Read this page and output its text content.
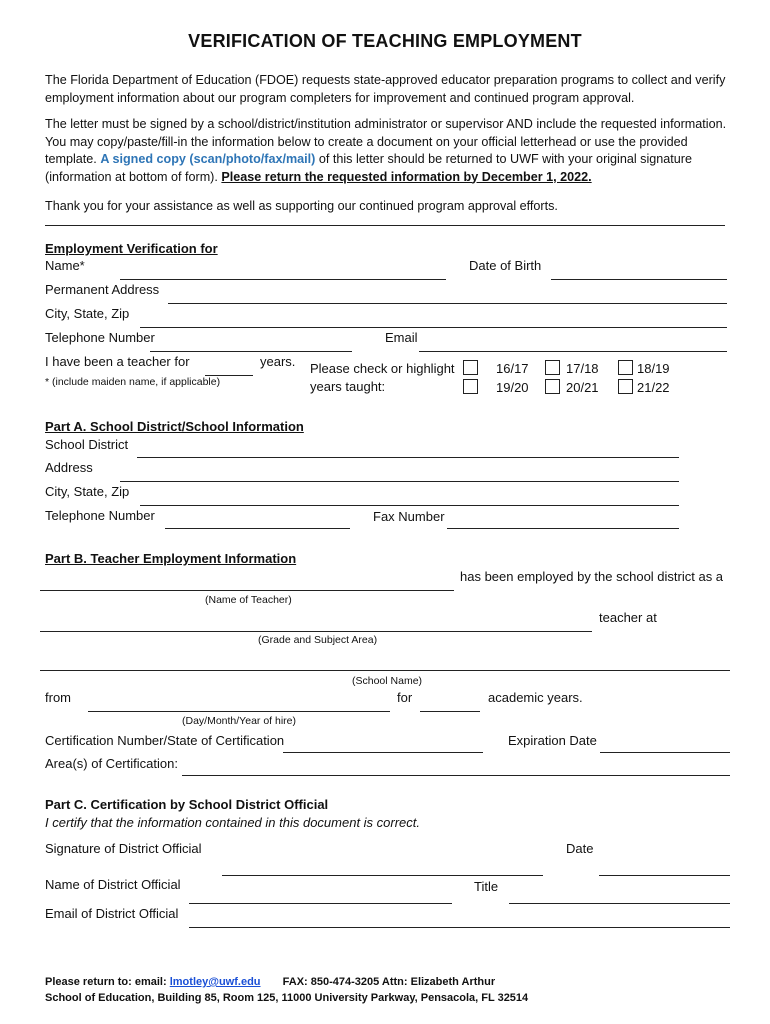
VERIFICATION OF TEACHING EMPLOYMENT
The Florida Department of Education (FDOE) requests state-approved educator preparation programs to collect and verify employment information about our program completers for improvement and continued program approval.
The letter must be signed by a school/district/institution administrator or supervisor AND include the requested information. You may copy/paste/fill-in the information below to create a document on your official letterhead or use the provided template. A signed copy (scan/photo/fax/mail) of this letter should be returned to UWF with your original signature (information at bottom of form). Please return the requested information by December 1, 2022.
Thank you for your assistance as well as supporting our continued program approval efforts.
Employment Verification for
Name*	Date of Birth
Permanent Address
City, State, Zip
Telephone Number	Email
I have been a teacher for	years.
* (include maiden name, if applicable)
Please check or highlight
years taught:
16/17	17/18	18/19
19/20	20/21	21/22
Part A. School District/School Information
School District
Address
City, State, Zip
Telephone Number	Fax Number
Part B. Teacher Employment Information
has been employed by the school district as a
(Name of Teacher)
teacher at
(Grade and Subject Area)
(School Name)
from	for	academic years.
(Day/Month/Year of hire)
Certification Number/State of Certification	Expiration Date
Area(s) of Certification:
Part C. Certification by School District Official
I certify that the information contained in this document is correct.
Signature of District Official	Date
Name of District Official	Title
Email of District Official
Please return to: email: lmotley@uwf.edu FAX: 850-474-3205 Attn: Elizabeth Arthur
School of Education, Building 85, Room 125, 11000 University Parkway, Pensacola, FL 32514
